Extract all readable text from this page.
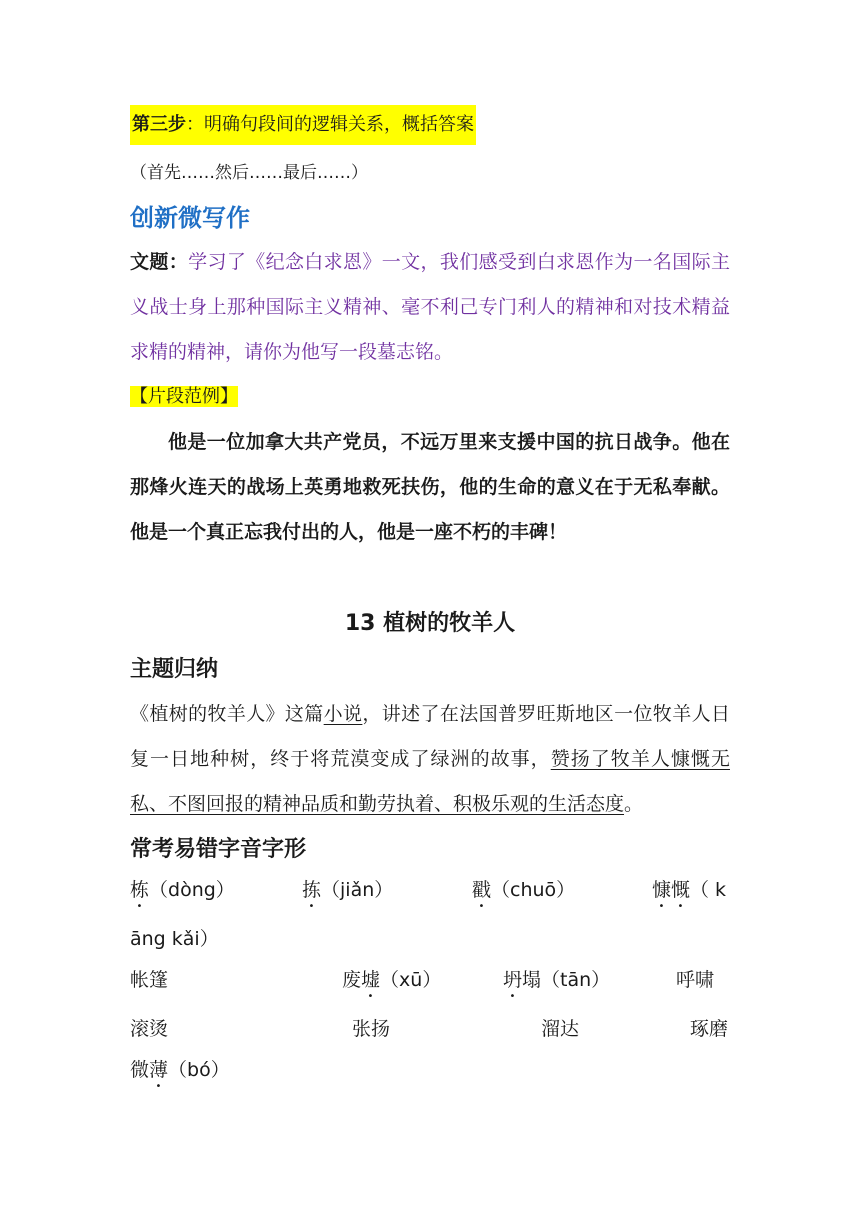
第三步：明确句段间的逻辑关系，概括答案
（首先……然后……最后……）
创新微写作
文题：学习了《纪念白求恩》一文，我们感受到白求恩作为一名国际主义战士身上那种国际主义精神、毫不利己专门利人的精神和对技术精益求精的精神，请你为他写一段墓志铭。
【片段范例】
他是一位加拿大共产党员，不远万里来支援中国的抗日战争。他在那烽火连天的战场上英勇地救死扶伤，他的生命的意义在于无私奉献。他是一个真正忘我付出的人，他是一座不朽的丰碑！
13 植树的牧羊人
主题归纳
《植树的牧羊人》这篇小说，讲述了在法国普罗旺斯地区一位牧羊人日复一日地种树，终于将荒漠变成了绿洲的故事，赞扬了牧羊人慷慨无私、不图回报的精神品质和勤劳执着、积极乐观的生活态度。
常考易错字音字形
栋（dòng）	拣（jiǎn）	戳（chuō）	慷慨（ k
āng kǎi）
帐篷	废墟（xū）	坍塌（tān）	呼啸
滚烫	张扬	溜达	琢磨
微薄（bó）
